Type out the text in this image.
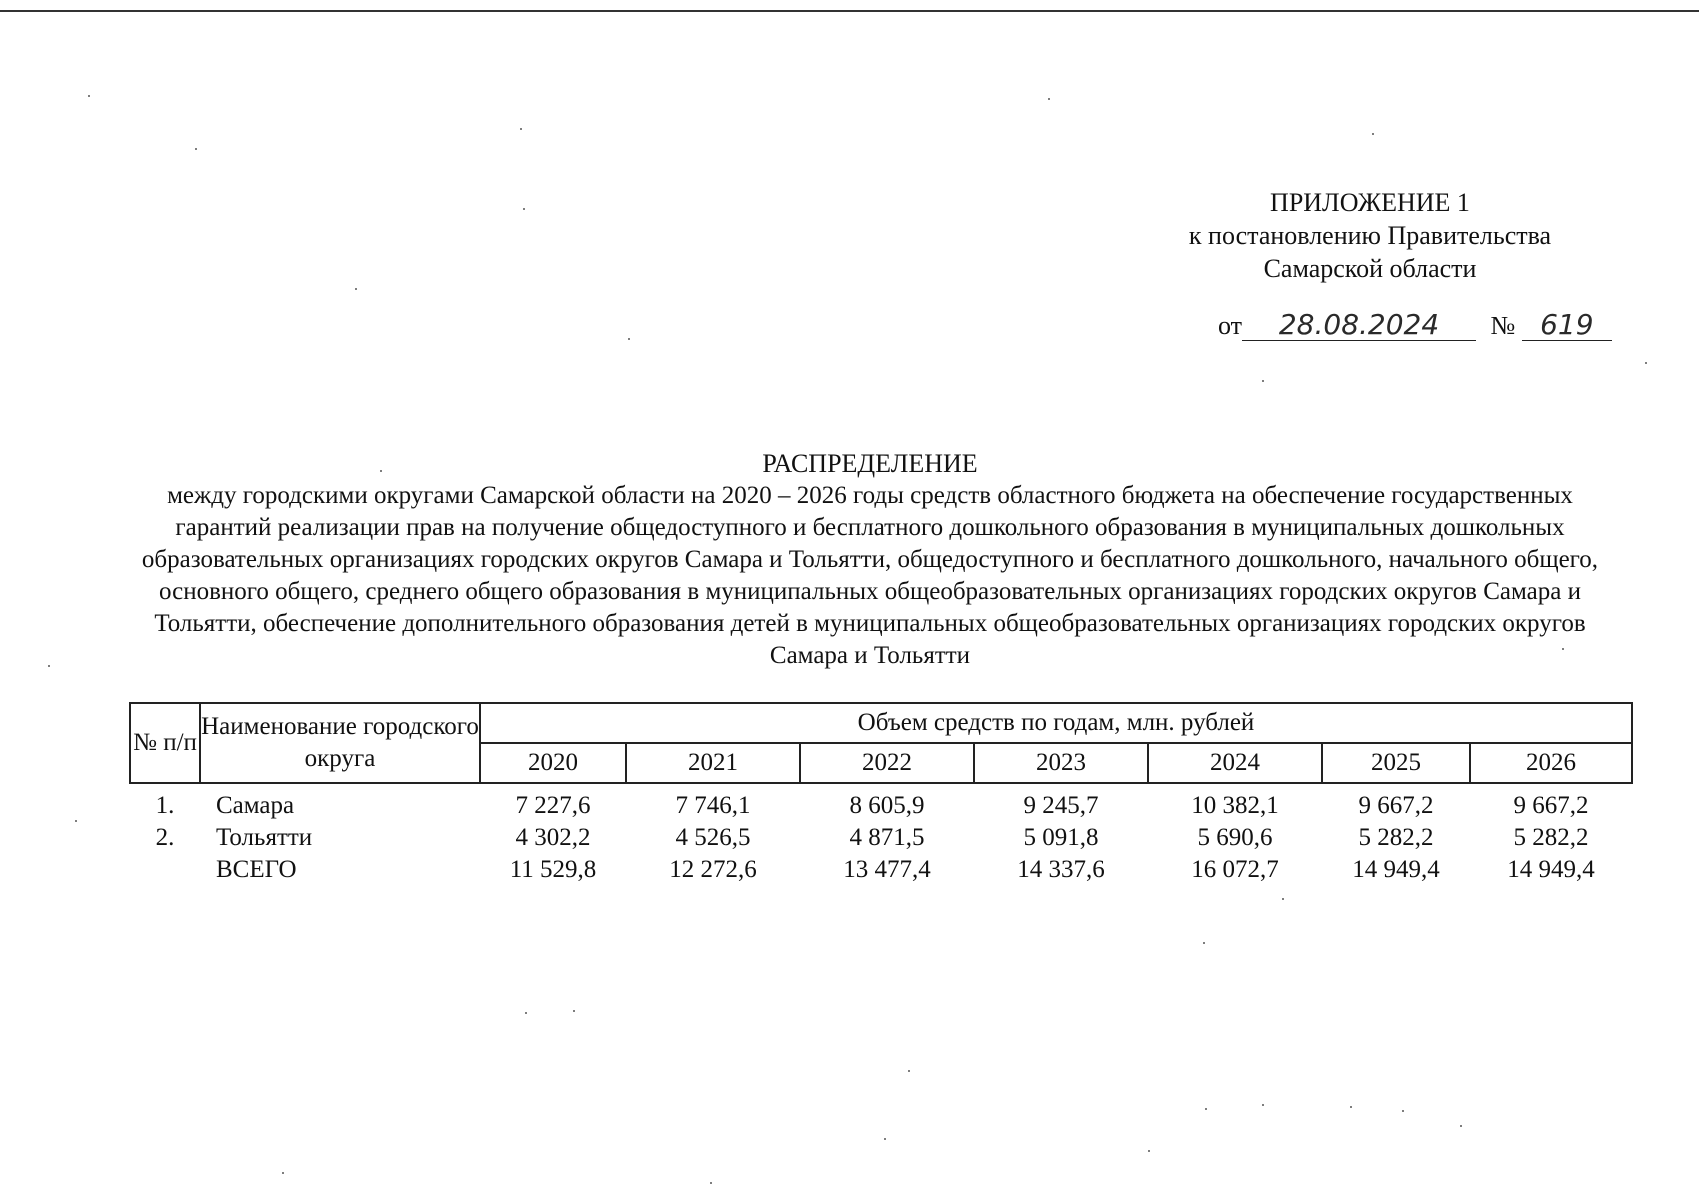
ПРИЛОЖЕНИЕ 1
к постановлению Правительства
Самарской области
от 28.08.2024 № 619
РАСПРЕДЕЛЕНИЕ
между городскими округами Самарской области на 2020 – 2026 годы средств областного бюджета на обеспечение государственных гарантий реализации прав на получение общедоступного и бесплатного дошкольного образования в муниципальных дошкольных образовательных организациях городских округов Самара и Тольятти, общедоступного и бесплатного дошкольного, начального общего, основного общего, среднего общего образования в муниципальных общеобразовательных организациях городских округов Самара и Тольятти, обеспечение дополнительного образования детей в муниципальных общеобразовательных организациях городских округов Самара и Тольятти
№ п/п	Наименование городского округа	Объем средств по годам, млн. рублей						
		2020	2021	2022	2023	2024	2025	2026
1.	Самара	7 227,6	7 746,1	8 605,9	9 245,7	10 382,1	9 667,2	9 667,2
2.	Тольятти	4 302,2	4 526,5	4 871,5	5 091,8	5 690,6	5 282,2	5 282,2
	ВСЕГО	11 529,8	12 272,6	13 477,4	14 337,6	16 072,7	14 949,4	14 949,4
